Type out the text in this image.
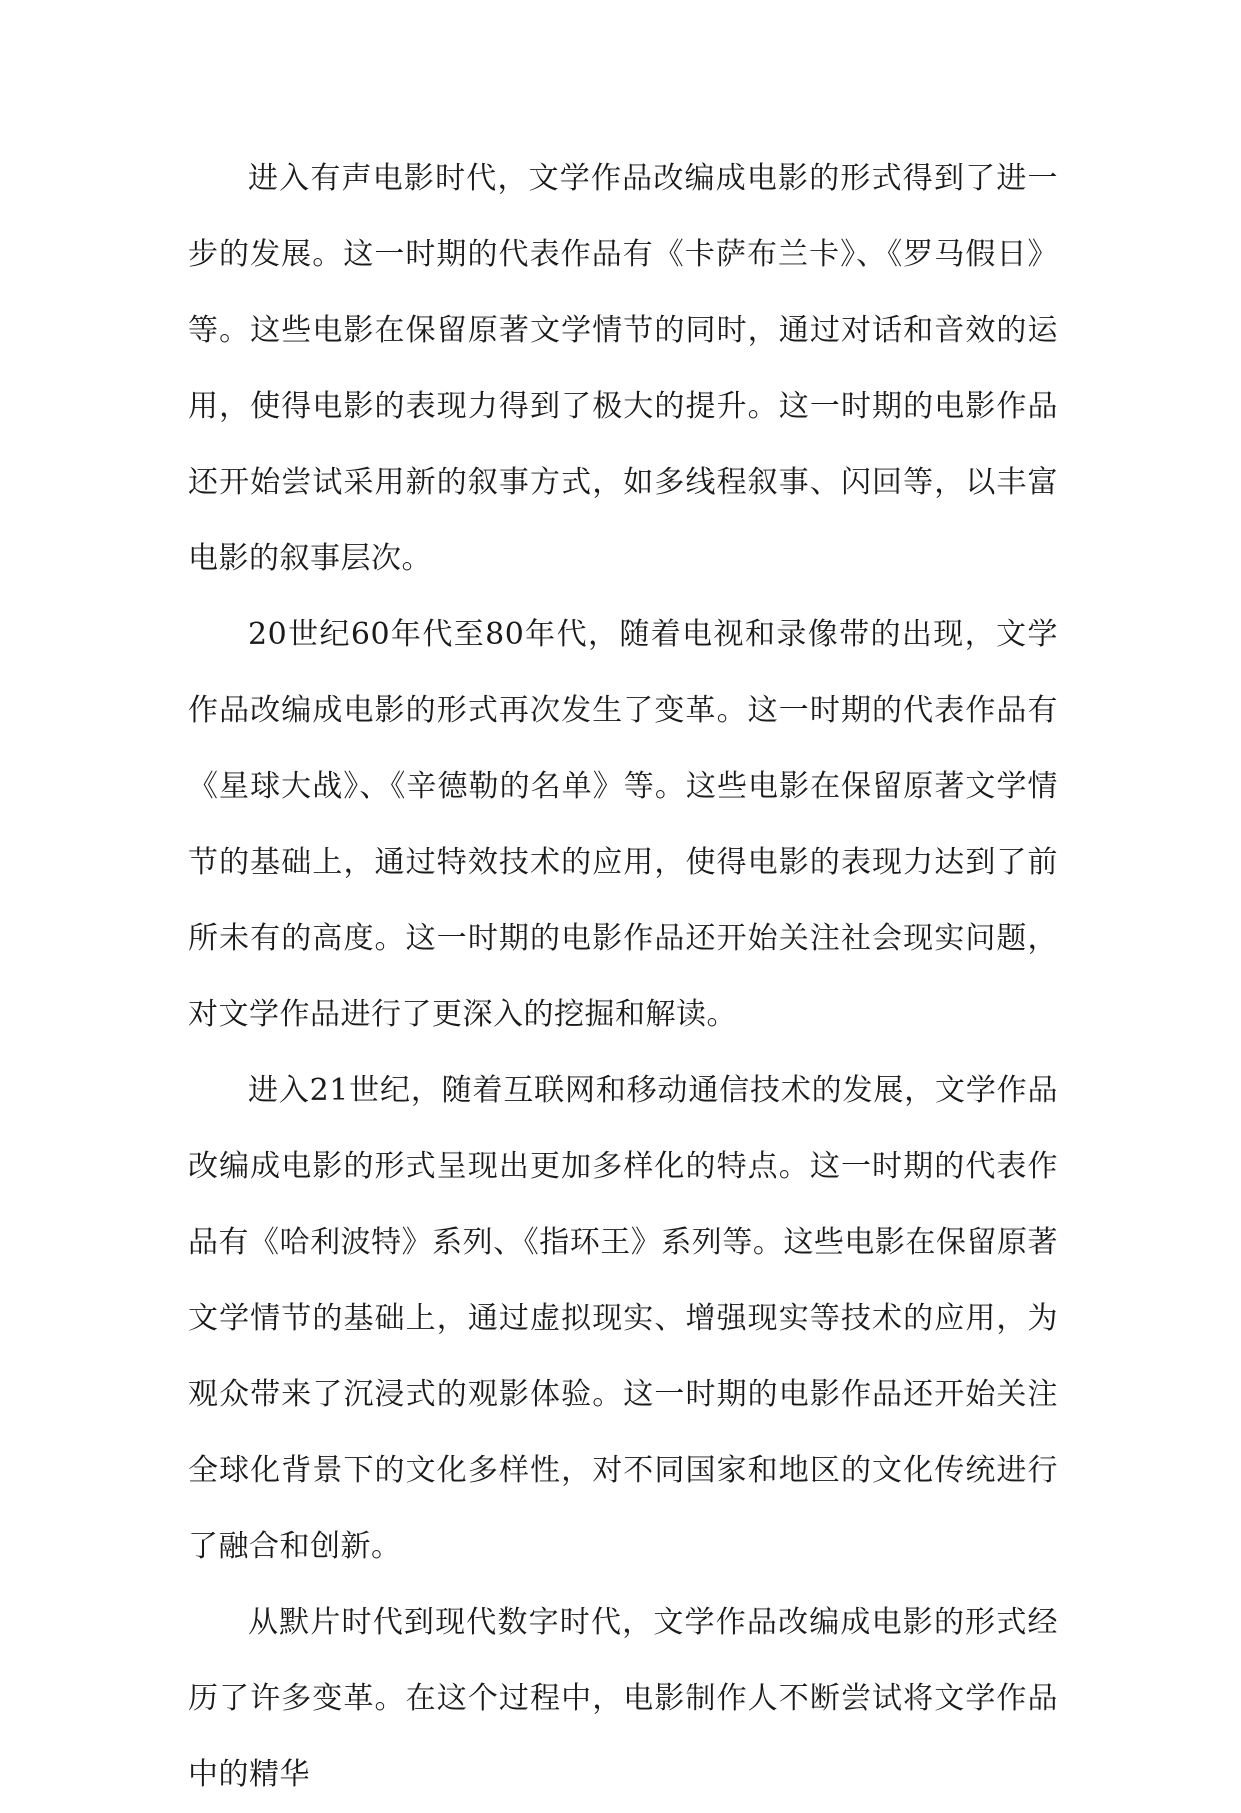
进入有声电影时代，文学作品改编成电影的形式得到了进一步的发展。这一时期的代表作品有《卡萨布兰卡》、《罗马假日》等。这些电影在保留原著文学情节的同时，通过对话和音效的运用，使得电影的表现力得到了极大的提升。这一时期的电影作品还开始尝试采用新的叙事方式，如多线程叙事、闪回等，以丰富电影的叙事层次。

20世纪60年代至80年代，随着电视和录像带的出现，文学作品改编成电影的形式再次发生了变革。这一时期的代表作品有《星球大战》、《辛德勒的名单》等。这些电影在保留原著文学情节的基础上，通过特效技术的应用，使得电影的表现力达到了前所未有的高度。这一时期的电影作品还开始关注社会现实问题，对文学作品进行了更深入的挖掘和解读。

进入21世纪，随着互联网和移动通信技术的发展，文学作品改编成电影的形式呈现出更加多样化的特点。这一时期的代表作品有《哈利波特》系列、《指环王》系列等。这些电影在保留原著文学情节的基础上，通过虚拟现实、增强现实等技术的应用，为观众带来了沉浸式的观影体验。这一时期的电影作品还开始关注全球化背景下的文化多样性，对不同国家和地区的文化传统进行了融合和创新。

从默片时代到现代数字时代，文学作品改编成电影的形式经历了许多变革。在这个过程中，电影制作人不断尝试将文学作品中的精华
